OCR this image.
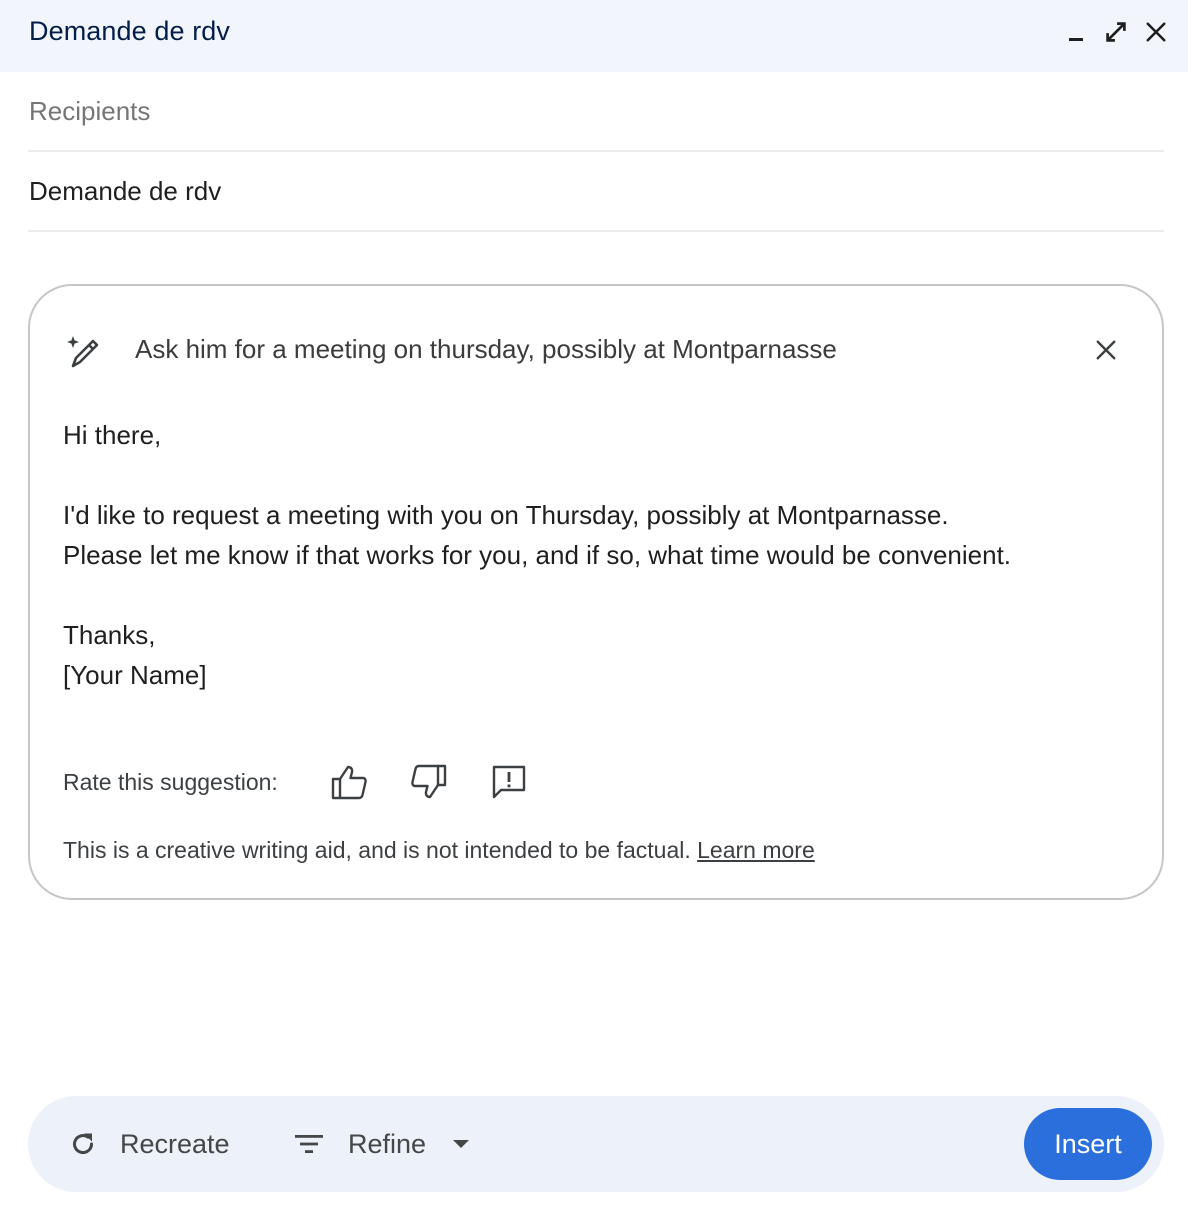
Demande de rdv
Recipients
Demande de rdv
Ask him for a meeting on thursday, possibly at Montparnasse
Hi there,
I'd like to request a meeting with you on Thursday, possibly at Montparnasse.
Please let me know if that works for you, and if so, what time would be convenient.
Thanks,
[Your Name]
Rate this suggestion:
This is a creative writing aid, and is not intended to be factual. Learn more
Recreate	Refine	Insert
